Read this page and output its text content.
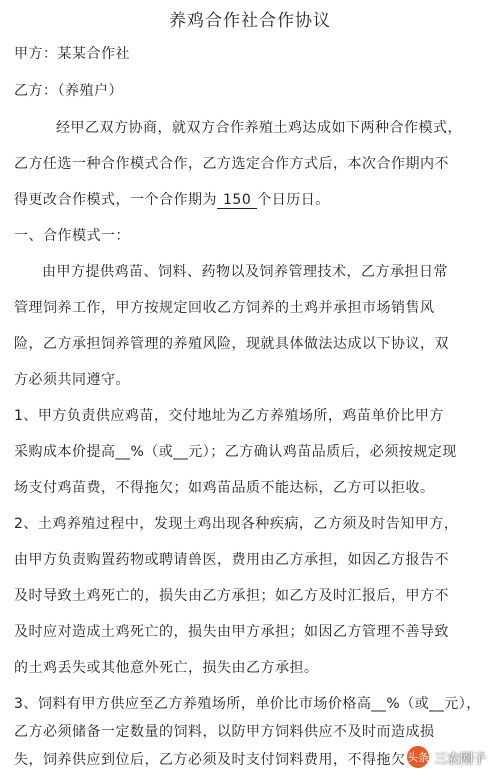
养鸡合作社合作协议
甲方：某某合作社
乙方：（养殖户）
经甲乙双方协商，就双方合作养殖土鸡达成如下两种合作模式，
乙方任选一种合作模式合作，乙方选定合作方式后，本次合作期内不
得更改合作模式，一个合作期为 150 个日历日。
一、合作模式一：
由甲方提供鸡苗、饲料、药物以及饲养管理技术，乙方承担日常
管理饲养工作，甲方按规定回收乙方饲养的土鸡并承担市场销售风
险，乙方承担饲养管理的养殖风险，现就具体做法达成以下协议，双
方必须共同遵守。
1、甲方负责供应鸡苗，交付地址为乙方养殖场所，鸡苗单价比甲方
采购成本价提高__%（或__元）；乙方确认鸡苗品质后，必须按规定现
场支付鸡苗费，不得拖欠；如鸡苗品质不能达标，乙方可以拒收。
2、土鸡养殖过程中，发现土鸡出现各种疾病，乙方须及时告知甲方，
由甲方负责购置药物或聘请兽医，费用由乙方承担，如因乙方报告不
及时导致土鸡死亡的，损失由乙方承担；如乙方及时汇报后，甲方不
及时应对造成土鸡死亡的，损失由甲方承担；如因乙方管理不善导致
的土鸡丢失或其他意外死亡，损失由乙方承担。
3、饲料有甲方供应至乙方养殖场所，单价比市场价格高__%（或__元），
乙方必须储备一定数量的饲料，以防甲方饲料供应不及时而造成损
失，饲养供应到位后，乙方必须及时支付饲料费用，不得拖欠 头条 三农刚子
